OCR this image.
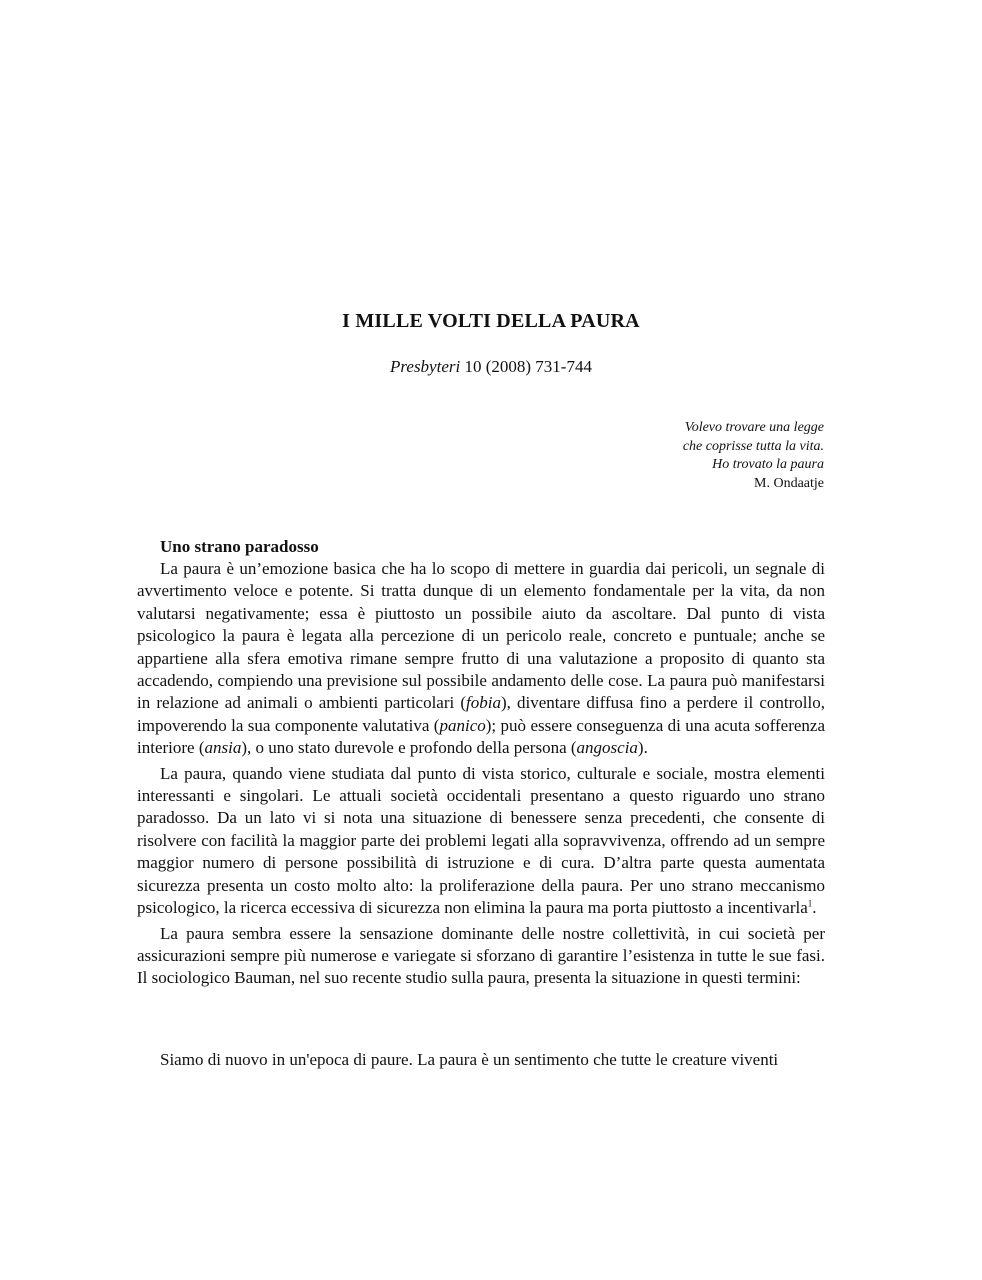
I MILLE VOLTI DELLA PAURA
Presbyteri 10 (2008) 731-744
Volevo trovare una legge
che coprisse tutta la vita.
Ho trovato la paura
M. Ondaatje
Uno strano paradosso

La paura è un’emozione basica che ha lo scopo di mettere in guardia dai pericoli, un segnale di avvertimento veloce e potente. Si tratta dunque di un elemento fondamentale per la vita, da non valutarsi negativamente; essa è piuttosto un possibile aiuto da ascoltare. Dal punto di vista psicologico la paura è legata alla percezione di un pericolo reale, concreto e puntuale; anche se appartiene alla sfera emotiva rimane sempre frutto di una valutazione a proposito di quanto sta accadendo, compiendo una previsione sul possibile andamento delle cose. La paura può manifestarsi in relazione ad animali o ambienti particolari (fobia), diventare diffusa fino a perdere il controllo, impoverendo la sua componente valutativa (panico); può essere conseguenza di una acuta sofferenza interiore (ansia), o uno stato durevole e profondo della persona (angoscia).

La paura, quando viene studiata dal punto di vista storico, culturale e sociale, mostra elementi interessanti e singolari. Le attuali società occidentali presentano a questo riguardo uno strano paradosso. Da un lato vi si nota una situazione di benessere senza precedenti, che consente di risolvere con facilità la maggior parte dei problemi legati alla sopravvivenza, offrendo ad un sempre maggior numero di persone possibilità di istruzione e di cura. D’altra parte questa aumentata sicurezza presenta un costo molto alto: la proliferazione della paura. Per uno strano meccanismo psicologico, la ricerca eccessiva di sicurezza non elimina la paura ma porta piuttosto a incentivarla$^1$.

La paura sembra essere la sensazione dominante delle nostre collettività, in cui società per assicurazioni sempre più numerose e variegate si sforzano di garantire l’esistenza in tutte le sue fasi. Il sociologico Bauman, nel suo recente studio sulla paura, presenta la situazione in questi termini:

Siamo di nuovo in un'epoca di paure. La paura è un sentimento che tutte le creature viventi
